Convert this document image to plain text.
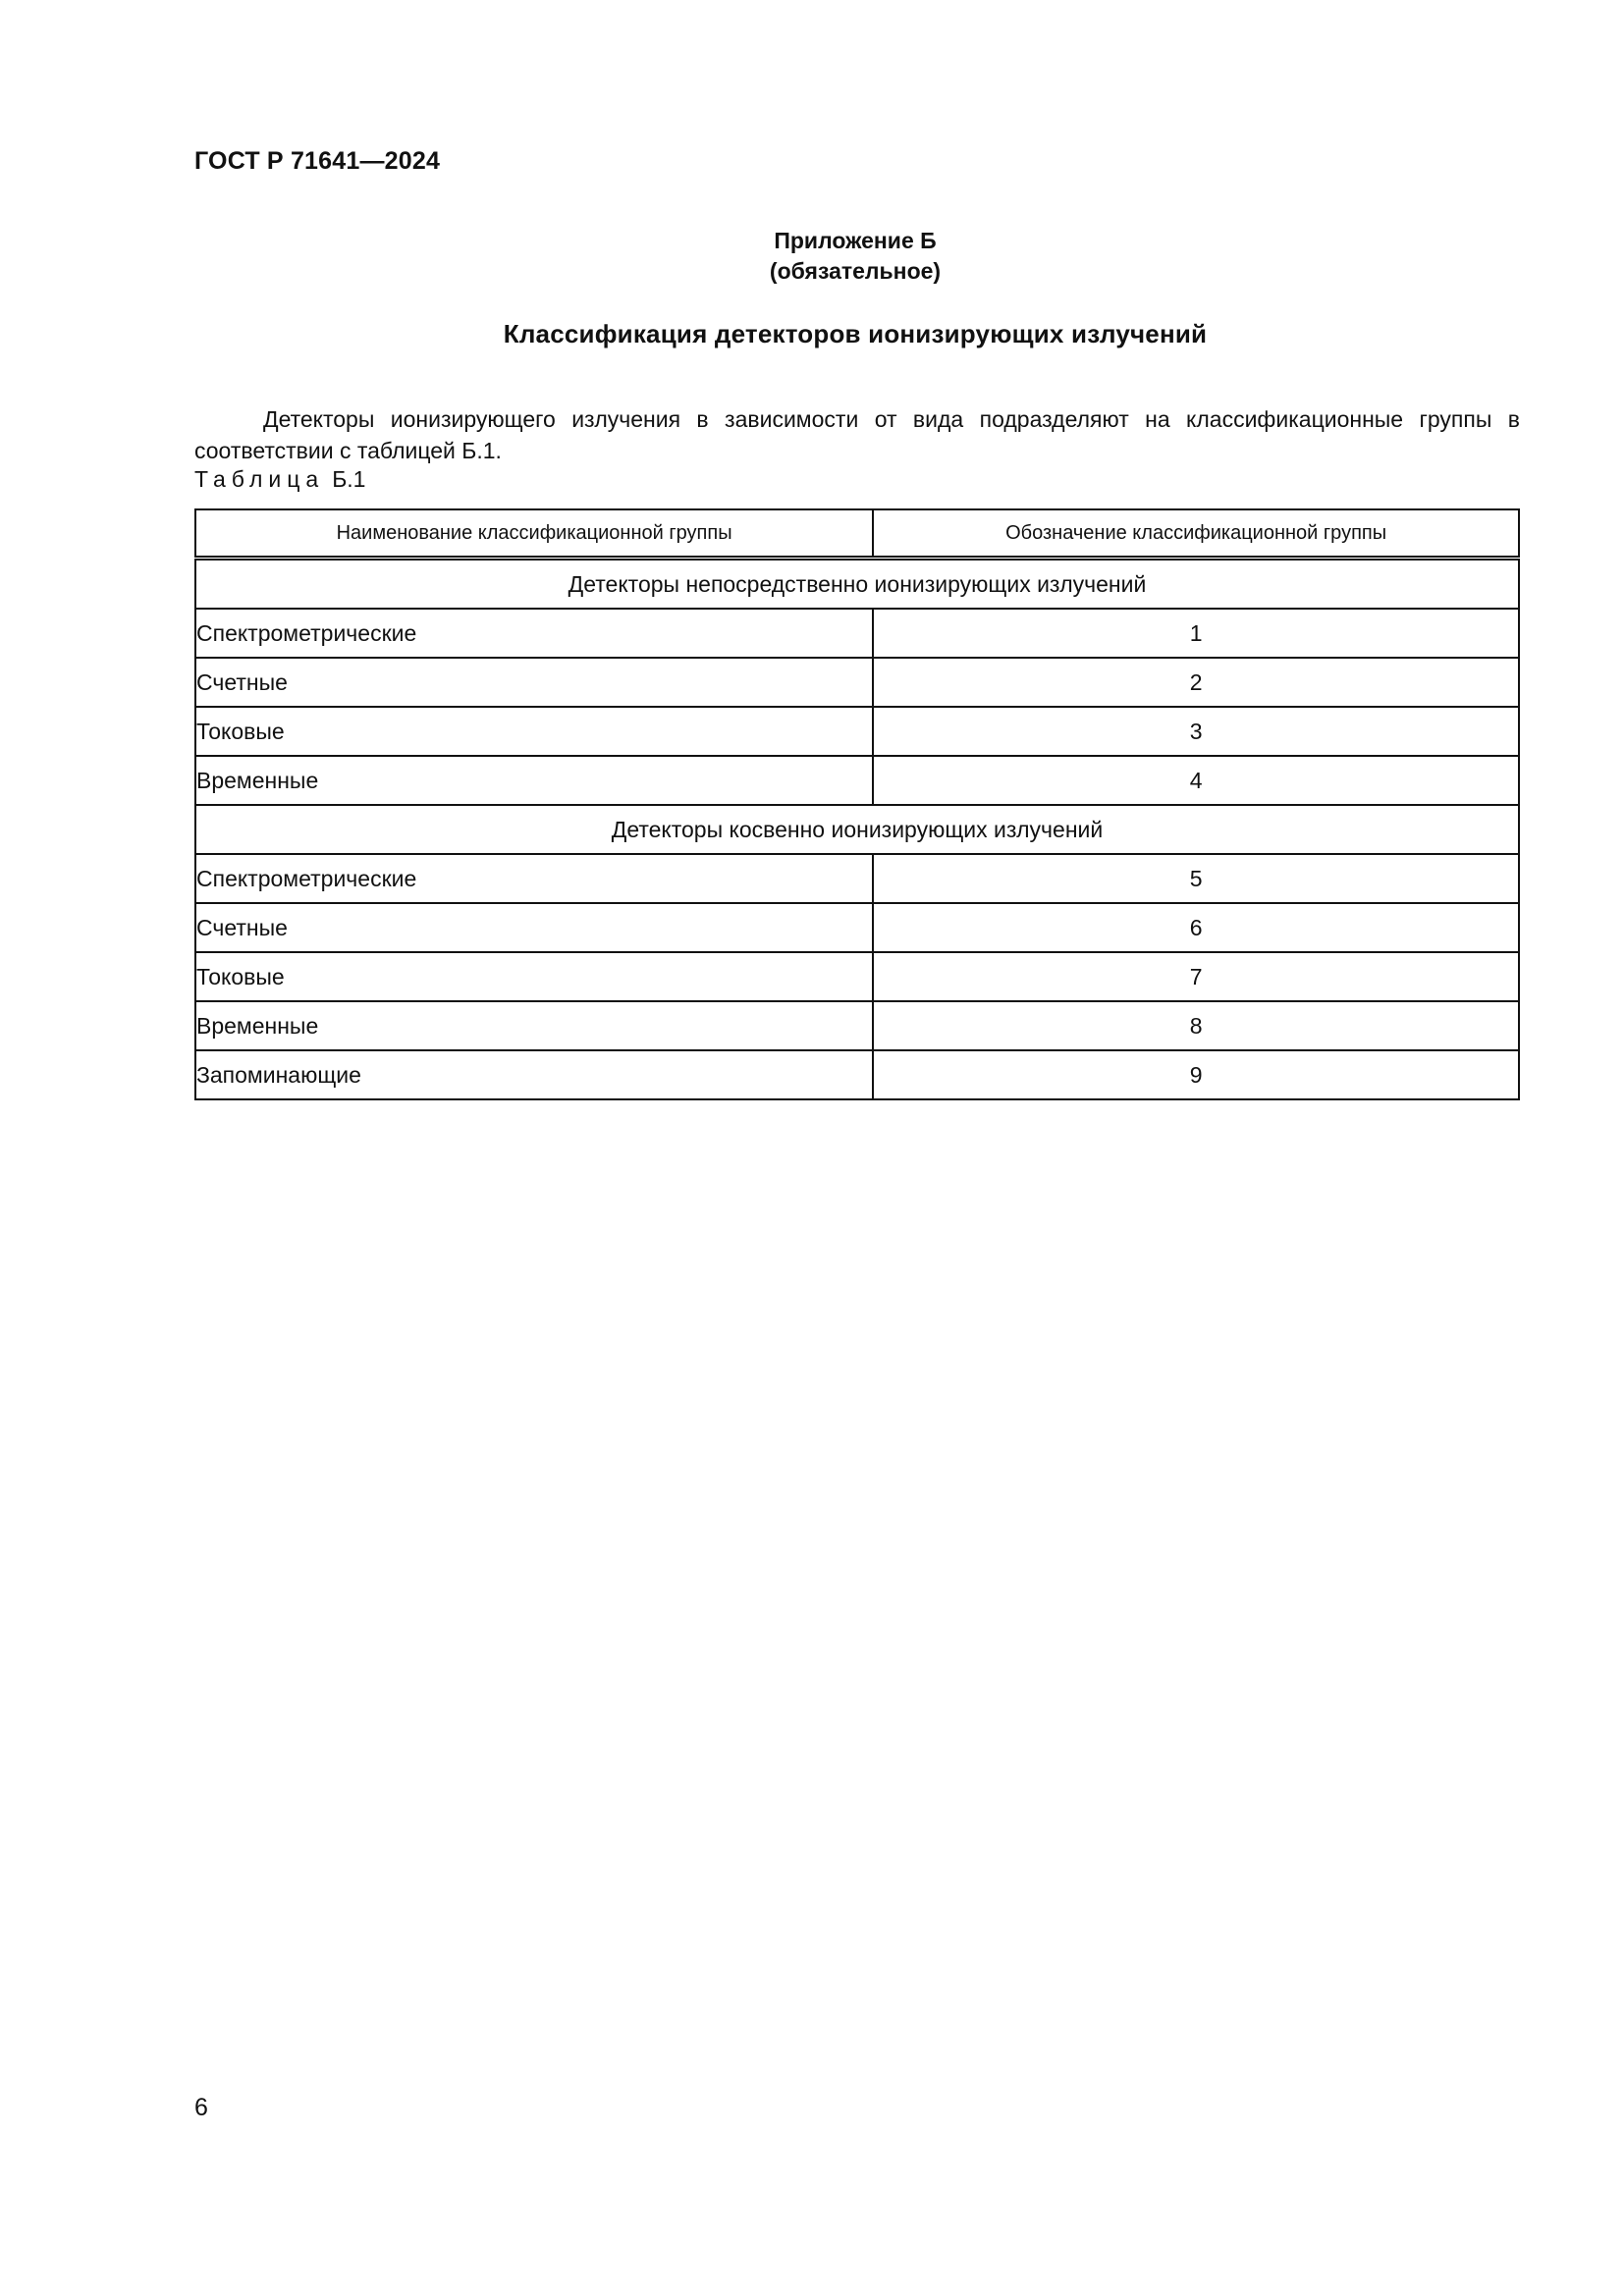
ГОСТ Р 71641—2024
Приложение Б
(обязательное)
Классификация детекторов ионизирующих излучений

Детекторы ионизирующего излучения в зависимости от вида подразделяют на классификационные группы в соответствии с таблицей Б.1.

Таблица Б.1
Наименование классификационной группы	Обозначение классификационной группы
Детекторы непосредственно ионизирующих излучений	
Спектрометрические	1
Счетные	2
Токовые	3
Временные	4
Детекторы косвенно ионизирующих излучений	
Спектрометрические	5
Счетные	6
Токовые	7
Временные	8
Запоминающие	9
6
